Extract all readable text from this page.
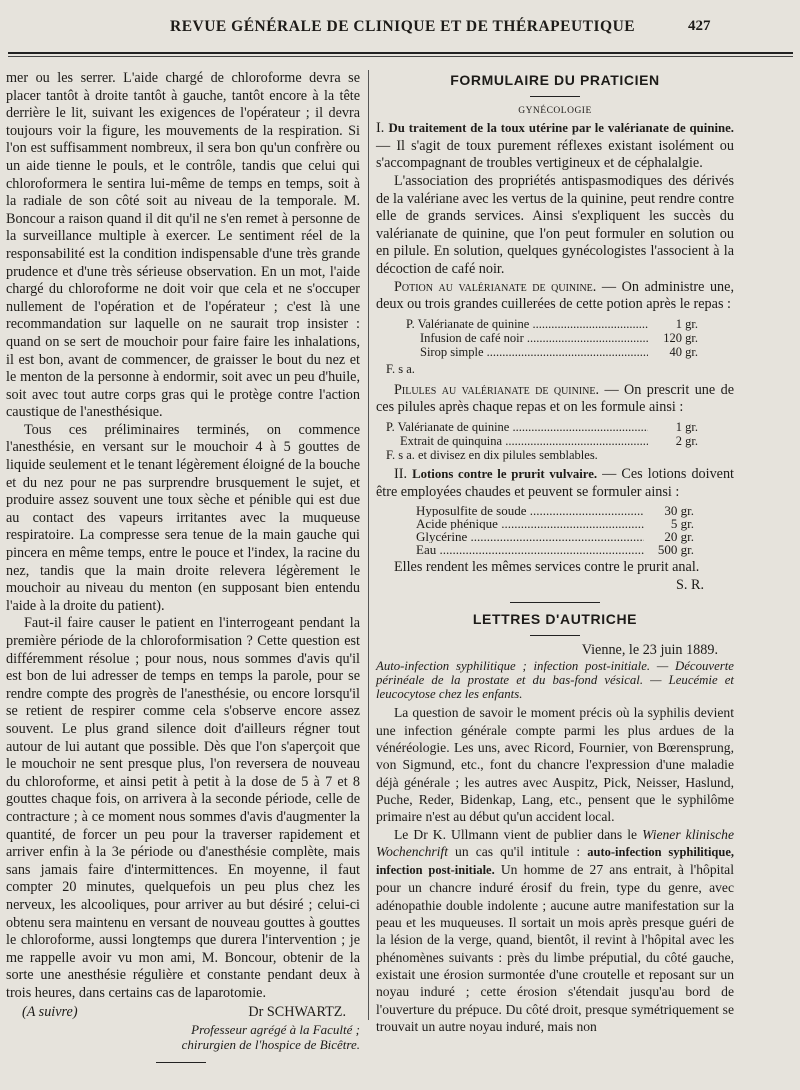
REVUE GÉNÉRALE DE CLINIQUE ET DE THÉRAPEUTIQUE	427

mer ou les serrer. L'aide chargé de chloroforme devra se placer tantôt à droite tantôt à gauche, tantôt encore à la tête derrière le lit, suivant les exigences de l'opérateur ; il devra toujours voir la figure, les mouvements de la respiration. Si l'on est suffisamment nombreux, il sera bon qu'un confrère ou un aide tienne le pouls, et le contrôle, tandis que celui qui chloroformera le sentira lui-même de temps en temps, soit à la radiale de son côté soit au niveau de la temporale. M. Boncour a raison quand il dit qu'il ne s'en remet à personne de la surveillance multiple à exercer. Le sentiment réel de la responsabilité est la condition indispensable d'une très grande prudence et d'une très sérieuse observation. En un mot, l'aide chargé du chloroforme ne doit voir que cela et ne s'occuper nullement de l'opération et de l'opérateur ; c'est là une recommandation sur laquelle on ne saurait trop insister : quand on se sert de mouchoir pour faire faire les inhalations, il est bon, avant de commencer, de graisser le bout du nez et le menton de la personne à endormir, soit avec un peu d'huile, soit avec tout autre corps gras qui le protège contre l'action caustique de l'anesthésique.

Tous ces préliminaires terminés, on commence l'anesthésie, en versant sur le mouchoir 4 à 5 gouttes de liquide seulement et le tenant légèrement éloigné de la bouche et du nez pour ne pas surprendre brusquement le sujet, et produire assez souvent une toux sèche et pénible qui est due au contact des vapeurs irritantes avec la muqueuse respiratoire. La compresse sera tenue de la main gauche qui pincera en même temps, entre le pouce et l'index, la racine du nez, tandis que la main droite relevera légèrement le mouchoir au niveau du menton (en supposant bien entendu l'aide à la droite du patient).

Faut-il faire causer le patient en l'interrogeant pendant la première période de la chloroformisation ? Cette question est différemment résolue ; pour nous, nous sommes d'avis qu'il est bon de lui adresser de temps en temps la parole, pour se rendre compte des progrès de l'anesthésie, ou encore lorsqu'il se retient de respirer comme cela s'observe encore assez souvent. Le plus grand silence doit d'ailleurs régner tout autour de lui autant que possible. Dès que l'on s'aperçoit que le mouchoir ne sent presque plus, l'on reversera de nouveau du chloroforme, et ainsi petit à petit à la dose de 5 à 7 et 8 gouttes chaque fois, on arrivera à la seconde période, celle de contracture ; à ce moment nous sommes d'avis d'augmenter la quantité, de forcer un peu pour la traverser rapidement et arriver enfin à la 3e période ou d'anesthésie complète, mais sans jamais faire d'intermittences. En moyenne, il faut compter 20 minutes, quelquefois un peu plus chez les nerveux, les alcooliques, pour arriver au but désiré ; celui-ci obtenu sera maintenu en versant de nouveau gouttes à gouttes le chloroforme, aussi longtemps que durera l'intervention ; je me rappelle avoir vu mon ami, M. Boncour, obtenir de la sorte une anesthésie régulière et constante pendant deux à trois heures, dans certains cas de laparotomie.

(A suivre)	Dr SCHWARTZ.
Professeur agrégé à la Faculté ;
chirurgien de l'hospice de Bicêtre.
FORMULAIRE DU PRATICIEN
GYNÉCOLOGIE

I. Du traitement de la toux utérine par le valérianate de quinine. — Il s'agit de toux purement réflexes existant isolément ou s'accompagnant de troubles vertigineux et de céphalalgie.

L'association des propriétés antispasmodiques des dérivés de la valériane avec les vertus de la quinine, peut rendre contre elle de grands services. Ainsi s'expliquent les succès du valérianate de quinine, que l'on peut formuler en solution ou en pilule. En solution, quelques gynécologistes l'associent à la décoction de café noir.

Potion au valérianate de quinine. — On administre une, deux ou trois grandes cuillerées de cette potion après le repas :

P. Valérianate de quinine .....	1 gr.
Infusion de café noir .....	120 gr.
Sirop simple .....	40 gr.
F. s a.

Pilules au valérianate de quinine. — On prescrit une de ces pilules après chaque repas et on les formule ainsi :

P. Valérianate de quinine .....	1 gr.
Extrait de quinquina .....	2 gr.
F. s a. et divisez en dix pilules semblables.

II. Lotions contre le prurit vulvaire. — Ces lotions doivent être employées chaudes et peuvent se formuler ainsi :

Hyposulfite de soude .....	30 gr.
Acide phénique .....	5 gr.
Glycérine .....	20 gr.
Eau .....	500 gr.

Elles rendent les mêmes services contre le prurit anal.

S. R.
LETTRES D'AUTRICHE
Vienne, le 23 juin 1889.
Auto-infection syphilitique ; infection post-initiale. — Découverte périnéale de la prostate et du bas-fond vésical. — Leucémie et leucocytose chez les enfants.

La question de savoir le moment précis où la syphilis devient une infection générale compte parmi les plus ardues de la vénéréologie. Les uns, avec Ricord, Fournier, von Bœrensprung, von Sigmund, etc., font du chancre l'expression d'une maladie déjà générale ; les autres avec Auspitz, Pick, Neisser, Haslund, Puche, Reder, Bidenkap, Lang, etc., pensent que le syphilôme primaire n'est au début qu'un accident local.

Le Dr K. Ullmann vient de publier dans le Wiener klinische Wochenchrift un cas qu'il intitule : auto-infection syphilitique, infection post-initiale. Un homme de 27 ans entrait, à l'hôpital pour un chancre induré érosif du frein, type du genre, avec adénopathie double indolente ; aucune autre manifestation sur la peau et les muqueuses. Il sortait un mois après presque guéri de la lésion de la verge, quand, bientôt, il revint à l'hôpital avec les phénomènes suivants : près du limbe préputial, du côté gauche, existait une érosion surmontée d'une croutelle et reposant sur un noyau induré ; cette érosion s'étendait jusqu'au bord de l'ouverture du prépuce. Du côté droit, presque symétriquement se trouvait un autre noyau induré, mais non
